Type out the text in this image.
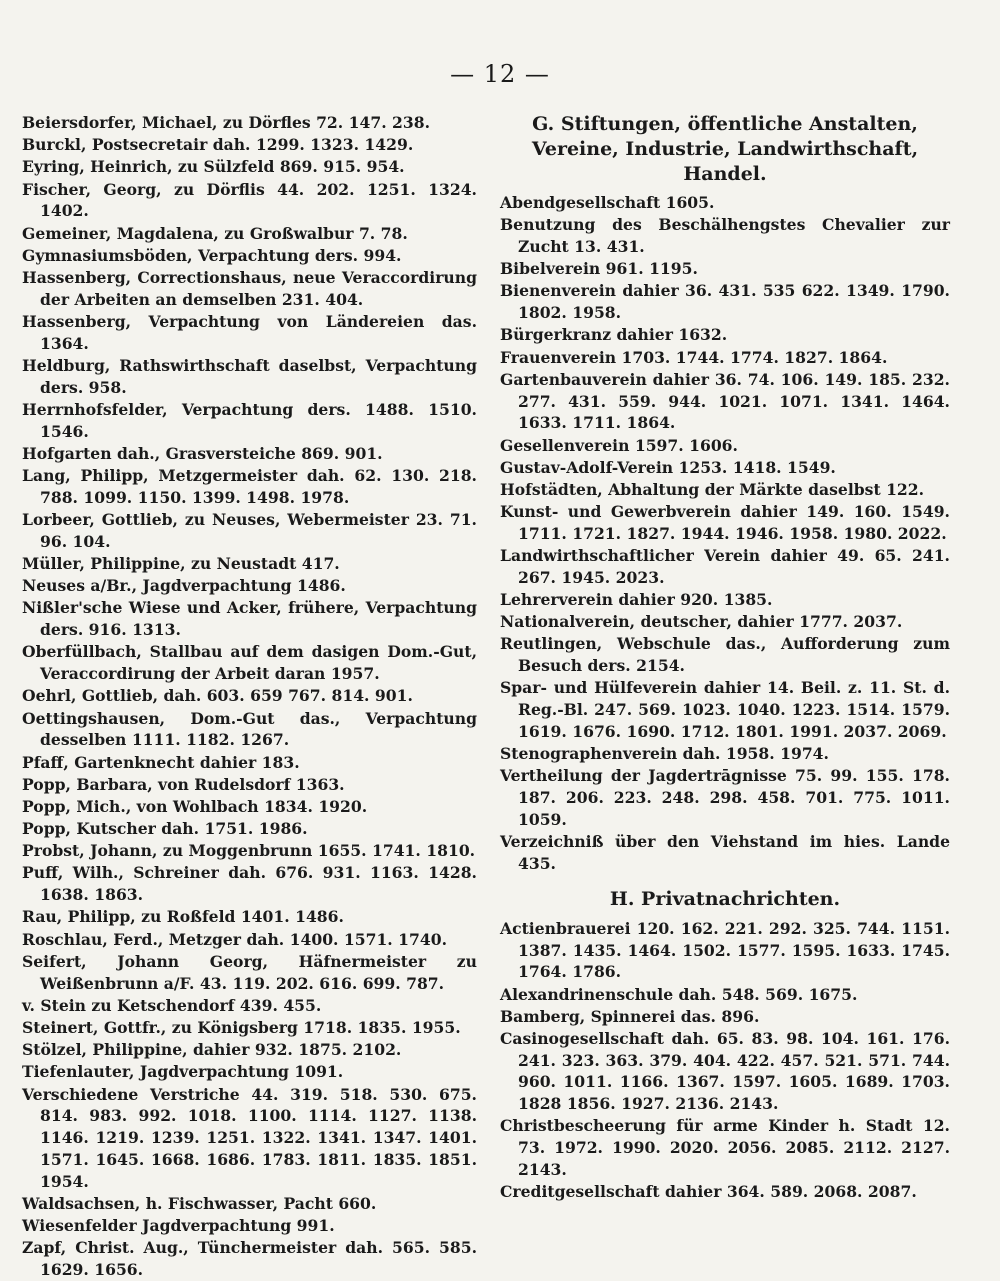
— 12 —
Beiersdorfer, Michael, zu Dörfles 72. 147. 238.
Burckl, Postsecretair dah. 1299. 1323. 1429.
Eyring, Heinrich, zu Sülzfeld 869. 915. 954.
Fischer, Georg, zu Dörflis 44. 202. 1251. 1324. 1402.
Gemeiner, Magdalena, zu Großwalbur 7. 78.
Gymnasiumsböden, Verpachtung ders. 994.
Hassenberg, Correctionshaus, neue Veraccordirung der Arbeiten an demselben 231. 404.
Hassenberg, Verpachtung von Ländereien das. 1364.
Heldburg, Rathswirthschaft daselbst, Verpachtung ders. 958.
Herrnhofsfelder, Verpachtung ders. 1488. 1510. 1546.
Hofgarten dah., Grasversteiche 869. 901.
Lang, Philipp, Metzgermeister dah. 62. 130. 218. 788. 1099. 1150. 1399. 1498. 1978.
Lorbeer, Gottlieb, zu Neuses, Webermeister 23. 71. 96. 104.
Müller, Philippine, zu Neustadt 417.
Neuses a/Br., Jagdverpachtung 1486.
Nißler'sche Wiese und Acker, frühere, Verpachtung ders. 916. 1313.
Oberfüllbach, Stallbau auf dem dasigen Dom.-Gut, Veraccordirung der Arbeit daran 1957.
Oehrl, Gottlieb, dah. 603. 659 767. 814. 901.
Oettingshausen, Dom.-Gut das., Verpachtung desselben 1111. 1182. 1267.
Pfaff, Gartenknecht dahier 183.
Popp, Barbara, von Rudelsdorf 1363.
Popp, Mich., von Wohlbach 1834. 1920.
Popp, Kutscher dah. 1751. 1986.
Probst, Johann, zu Moggenbrunn 1655. 1741. 1810.
Puff, Wilh., Schreiner dah. 676. 931. 1163. 1428. 1638. 1863.
Rau, Philipp, zu Roßfeld 1401. 1486.
Roschlau, Ferd., Metzger dah. 1400. 1571. 1740.
Seifert, Johann Georg, Häfnermeister zu Weißenbrunn a/F. 43. 119. 202. 616. 699. 787.
v. Stein zu Ketschendorf 439. 455.
Steinert, Gottfr., zu Königsberg 1718. 1835. 1955.
Stölzel, Philippine, dahier 932. 1875. 2102.
Tiefenlauter, Jagdverpachtung 1091.
Verschiedene Verstriche 44. 319. 518. 530. 675. 814. 983. 992. 1018. 1100. 1114. 1127. 1138. 1146. 1219. 1239. 1251. 1322. 1341. 1347. 1401. 1571. 1645. 1668. 1686. 1783. 1811. 1835. 1851. 1954.
Waldsachsen, h. Fischwasser, Pacht 660.
Wiesenfelder Jagdverpachtung 991.
Zapf, Christ. Aug., Tünchermeister dah. 565. 585. 1629. 1656.
G. Stiftungen, öffentliche Anstalten, Vereine, Industrie, Landwirthschaft, Handel.
Abendgesellschaft 1605.
Benutzung des Beschälhengstes Chevalier zur Zucht 13. 431.
Bibelverein 961. 1195.
Bienenverein dahier 36. 431. 535 622. 1349. 1790. 1802. 1958.
Bürgerkranz dahier 1632.
Frauenverein 1703. 1744. 1774. 1827. 1864.
Gartenbauverein dahier 36. 74. 106. 149. 185. 232. 277. 431. 559. 944. 1021. 1071. 1341. 1464. 1633. 1711. 1864.
Gesellenverein 1597. 1606.
Gustav-Adolf-Verein 1253. 1418. 1549.
Hofstädten, Abhaltung der Märkte daselbst 122.
Kunst- und Gewerbverein dahier 149. 160. 1549. 1711. 1721. 1827. 1944. 1946. 1958. 1980. 2022.
Landwirthschaftlicher Verein dahier 49. 65. 241. 267. 1945. 2023.
Lehrerverein dahier 920. 1385.
Nationalverein, deutscher, dahier 1777. 2037.
Reutlingen, Webschule das., Aufforderung zum Besuch ders. 2154.
Spar- und Hülfeverein dahier 14. Beil. z. 11. St. d. Reg.-Bl. 247. 569. 1023. 1040. 1223. 1514. 1579. 1619. 1676. 1690. 1712. 1801. 1991. 2037. 2069.
Stenographenverein dah. 1958. 1974.
Vertheilung der Jagdertrāgnisse 75. 99. 155. 178. 187. 206. 223. 248. 298. 458. 701. 775. 1011. 1059.
Verzeichniß über den Viehstand im hies. Lande 435.
H. Privatnachrichten.
Actienbrauerei 120. 162. 221. 292. 325. 744. 1151. 1387. 1435. 1464. 1502. 1577. 1595. 1633. 1745. 1764. 1786.
Alexandrinenschule dah. 548. 569. 1675.
Bamberg, Spinnerei das. 896.
Casinogesellschaft dah. 65. 83. 98. 104. 161. 176. 241. 323. 363. 379. 404. 422. 457. 521. 571. 744. 960. 1011. 1166. 1367. 1597. 1605. 1689. 1703. 1828 1856. 1927. 2136. 2143.
Christbescheerung für arme Kinder h. Stadt 12. 73. 1972. 1990. 2020. 2056. 2085. 2112. 2127. 2143.
Creditgesellschaft dahier 364. 589. 2068. 2087.
